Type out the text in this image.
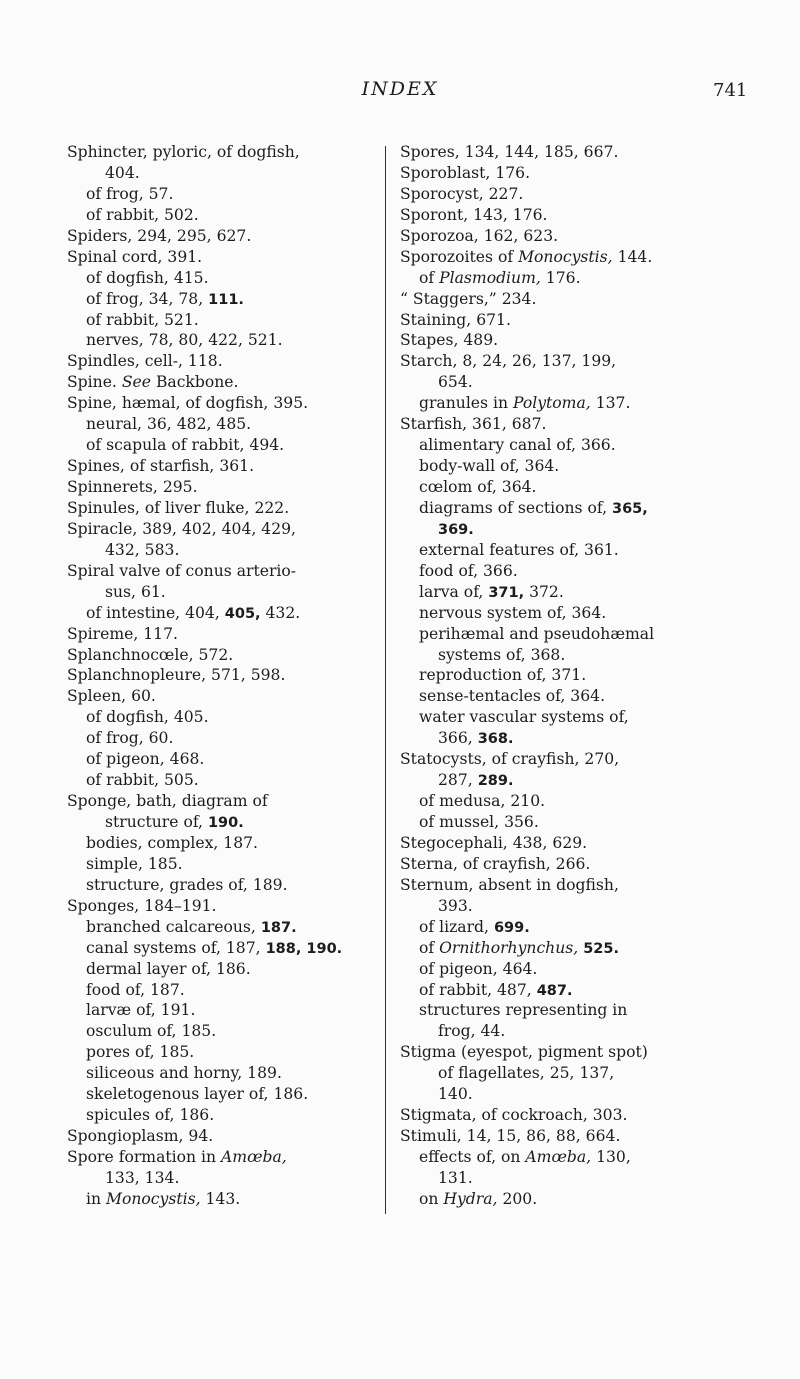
INDEX	741
Sphincter, pyloric, of dogfish,
404.
of frog, 57.
of rabbit, 502.
Spiders, 294, 295, 627.
Spinal cord, 391.
of dogfish, 415.
of frog, 34, 78, 111.
of rabbit, 521.
nerves, 78, 80, 422, 521.
Spindles, cell-, 118.
Spine. See Backbone.
Spine, hæmal, of dogfish, 395.
neural, 36, 482, 485.
of scapula of rabbit, 494.
Spines, of starfish, 361.
Spinnerets, 295.
Spinules, of liver fluke, 222.
Spiracle, 389, 402, 404, 429,
432, 583.
Spiral valve of conus arterio-
sus, 61.
of intestine, 404, 405, 432.
Spireme, 117.
Splanchnocœle, 572.
Splanchnopleure, 571, 598.
Spleen, 60.
of dogfish, 405.
of frog, 60.
of pigeon, 468.
of rabbit, 505.
Sponge, bath, diagram of
structure of, 190.
bodies, complex, 187.
simple, 185.
structure, grades of, 189.
Sponges, 184–191.
branched calcareous, 187.
canal systems of, 187, 188, 190.
dermal layer of, 186.
food of, 187.
larvæ of, 191.
osculum of, 185.
pores of, 185.
siliceous and horny, 189.
skeletogenous layer of, 186.
spicules of, 186.
Spongioplasm, 94.
Spore formation in Amœba,
133, 134.
in Monocystis, 143.
Spores, 134, 144, 185, 667.
Sporoblast, 176.
Sporocyst, 227.
Sporont, 143, 176.
Sporozoa, 162, 623.
Sporozoites of Monocystis, 144.
of Plasmodium, 176.
“ Staggers,” 234.
Staining, 671.
Stapes, 489.
Starch, 8, 24, 26, 137, 199,
654.
granules in Polytoma, 137.
Starfish, 361, 687.
alimentary canal of, 366.
body-wall of, 364.
cœlom of, 364.
diagrams of sections of, 365,
369.
external features of, 361.
food of, 366.
larva of, 371, 372.
nervous system of, 364.
perihæmal and pseudohæmal
systems of, 368.
reproduction of, 371.
sense-tentacles of, 364.
water vascular systems of,
366, 368.
Statocysts, of crayfish, 270,
287, 289.
of medusa, 210.
of mussel, 356.
Stegocephali, 438, 629.
Sterna, of crayfish, 266.
Sternum, absent in dogfish,
393.
of lizard, 699.
of Ornithorhynchus, 525.
of pigeon, 464.
of rabbit, 487, 487.
structures representing in
frog, 44.
Stigma (eyespot, pigment spot)
of flagellates, 25, 137,
140.
Stigmata, of cockroach, 303.
Stimuli, 14, 15, 86, 88, 664.
effects of, on Amœba, 130,
131.
on Hydra, 200.
